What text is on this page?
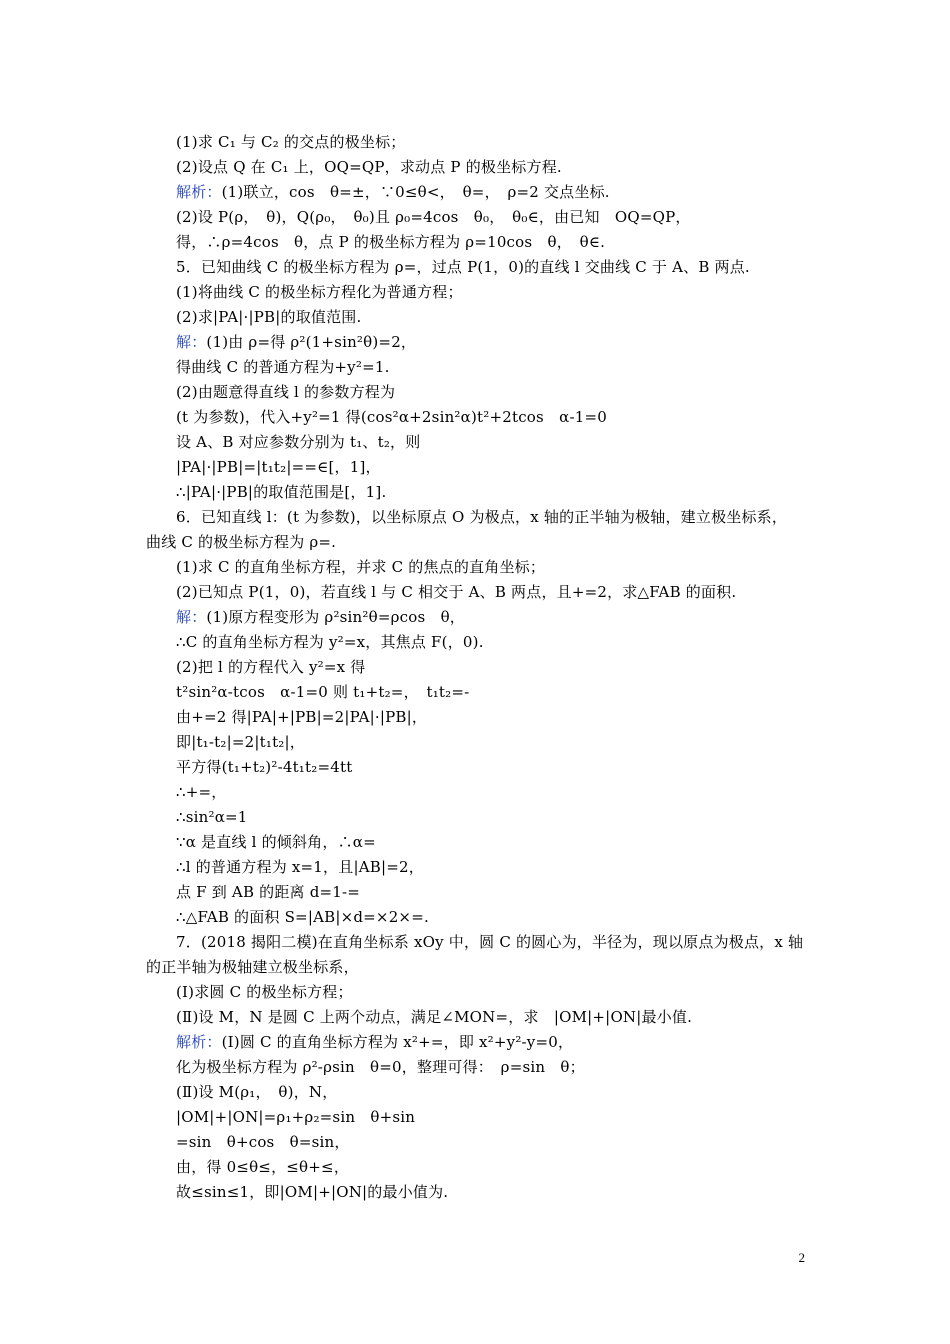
(1)求 C₁ 与 C₂ 的交点的极坐标；
(2)设点 Q 在 C₁ 上，OQ=QP，求动点 P 的极坐标方程.
解析：(1)联立，cos　θ=±，∵0≤θ<，　θ=，　ρ=2 交点坐标.
(2)设 P(ρ，　θ)，Q(ρ₀，　θ₀)且 ρ₀=4cos　θ₀，　θ₀∈，由已知　OQ=QP，
得，∴ρ=4cos　θ，点 P 的极坐标方程为 ρ=10cos　θ，　θ∈.
5．已知曲线 C 的极坐标方程为 ρ=，过点 P(1，0)的直线 l 交曲线 C 于 A、B 两点.
(1)将曲线 C 的极坐标方程化为普通方程；
(2)求|PA|·|PB|的取值范围.
解：(1)由 ρ=得 ρ²(1+sin²θ)=2，
得曲线 C 的普通方程为+y²=1.
(2)由题意得直线 l 的参数方程为
(t 为参数)，代入+y²=1 得(cos²α+2sin²α)t²+2tcos　α-1=0
设 A、B 对应参数分别为 t₁、t₂，则
|PA|·|PB|=|t₁t₂|==∈[，1]，
∴|PA|·|PB|的取值范围是[，1].
6．已知直线 l：(t 为参数)，以坐标原点 O 为极点，x 轴的正半轴为极轴，建立极坐标系，
曲线 C 的极坐标方程为 ρ=.
(1)求 C 的直角坐标方程，并求 C 的焦点的直角坐标；
(2)已知点 P(1，0)，若直线 l 与 C 相交于 A、B 两点，且+=2，求△FAB 的面积.
解：(1)原方程变形为 ρ²sin²θ=ρcos　θ，
∴C 的直角坐标方程为 y²=x，其焦点 F(，0).
(2)把 l 的方程代入 y²=x 得
t²sin²α-tcos　α-1=0 则 t₁+t₂=，　t₁t₂=-
由+=2 得|PA|+|PB|=2|PA|·|PB|，
即|t₁-t₂|=2|t₁t₂|，
平方得(t₁+t₂)²-4t₁t₂=4tt
∴+=，
∴sin²α=1
∵α 是直线 l 的倾斜角，∴α=
∴l 的普通方程为 x=1，且|AB|=2，
点 F 到 AB 的距离 d=1-=
∴△FAB 的面积 S=|AB|×d=×2×=.
7．(2018 揭阳二模)在直角坐标系 xOy 中，圆 C 的圆心为，半径为，现以原点为极点，x 轴
的正半轴为极轴建立极坐标系，
(Ⅰ)求圆 C 的极坐标方程；
(Ⅱ)设 M，N 是圆 C 上两个动点，满足∠MON=，求　|OM|+|ON|最小值.
解析：(Ⅰ)圆 C 的直角坐标方程为 x²+=，即 x²+y²-y=0，
化为极坐标方程为 ρ²-ρsin　θ=0，整理可得：　ρ=sin　θ；
(Ⅱ)设 M(ρ₁，　θ)，N，
|OM|+|ON|=ρ₁+ρ₂=sin　θ+sin
=sin　θ+cos　θ=sin，
由，得 0≤θ≤，≤θ+≤，
故≤sin≤1，即|OM|+|ON|的最小值为.
2
